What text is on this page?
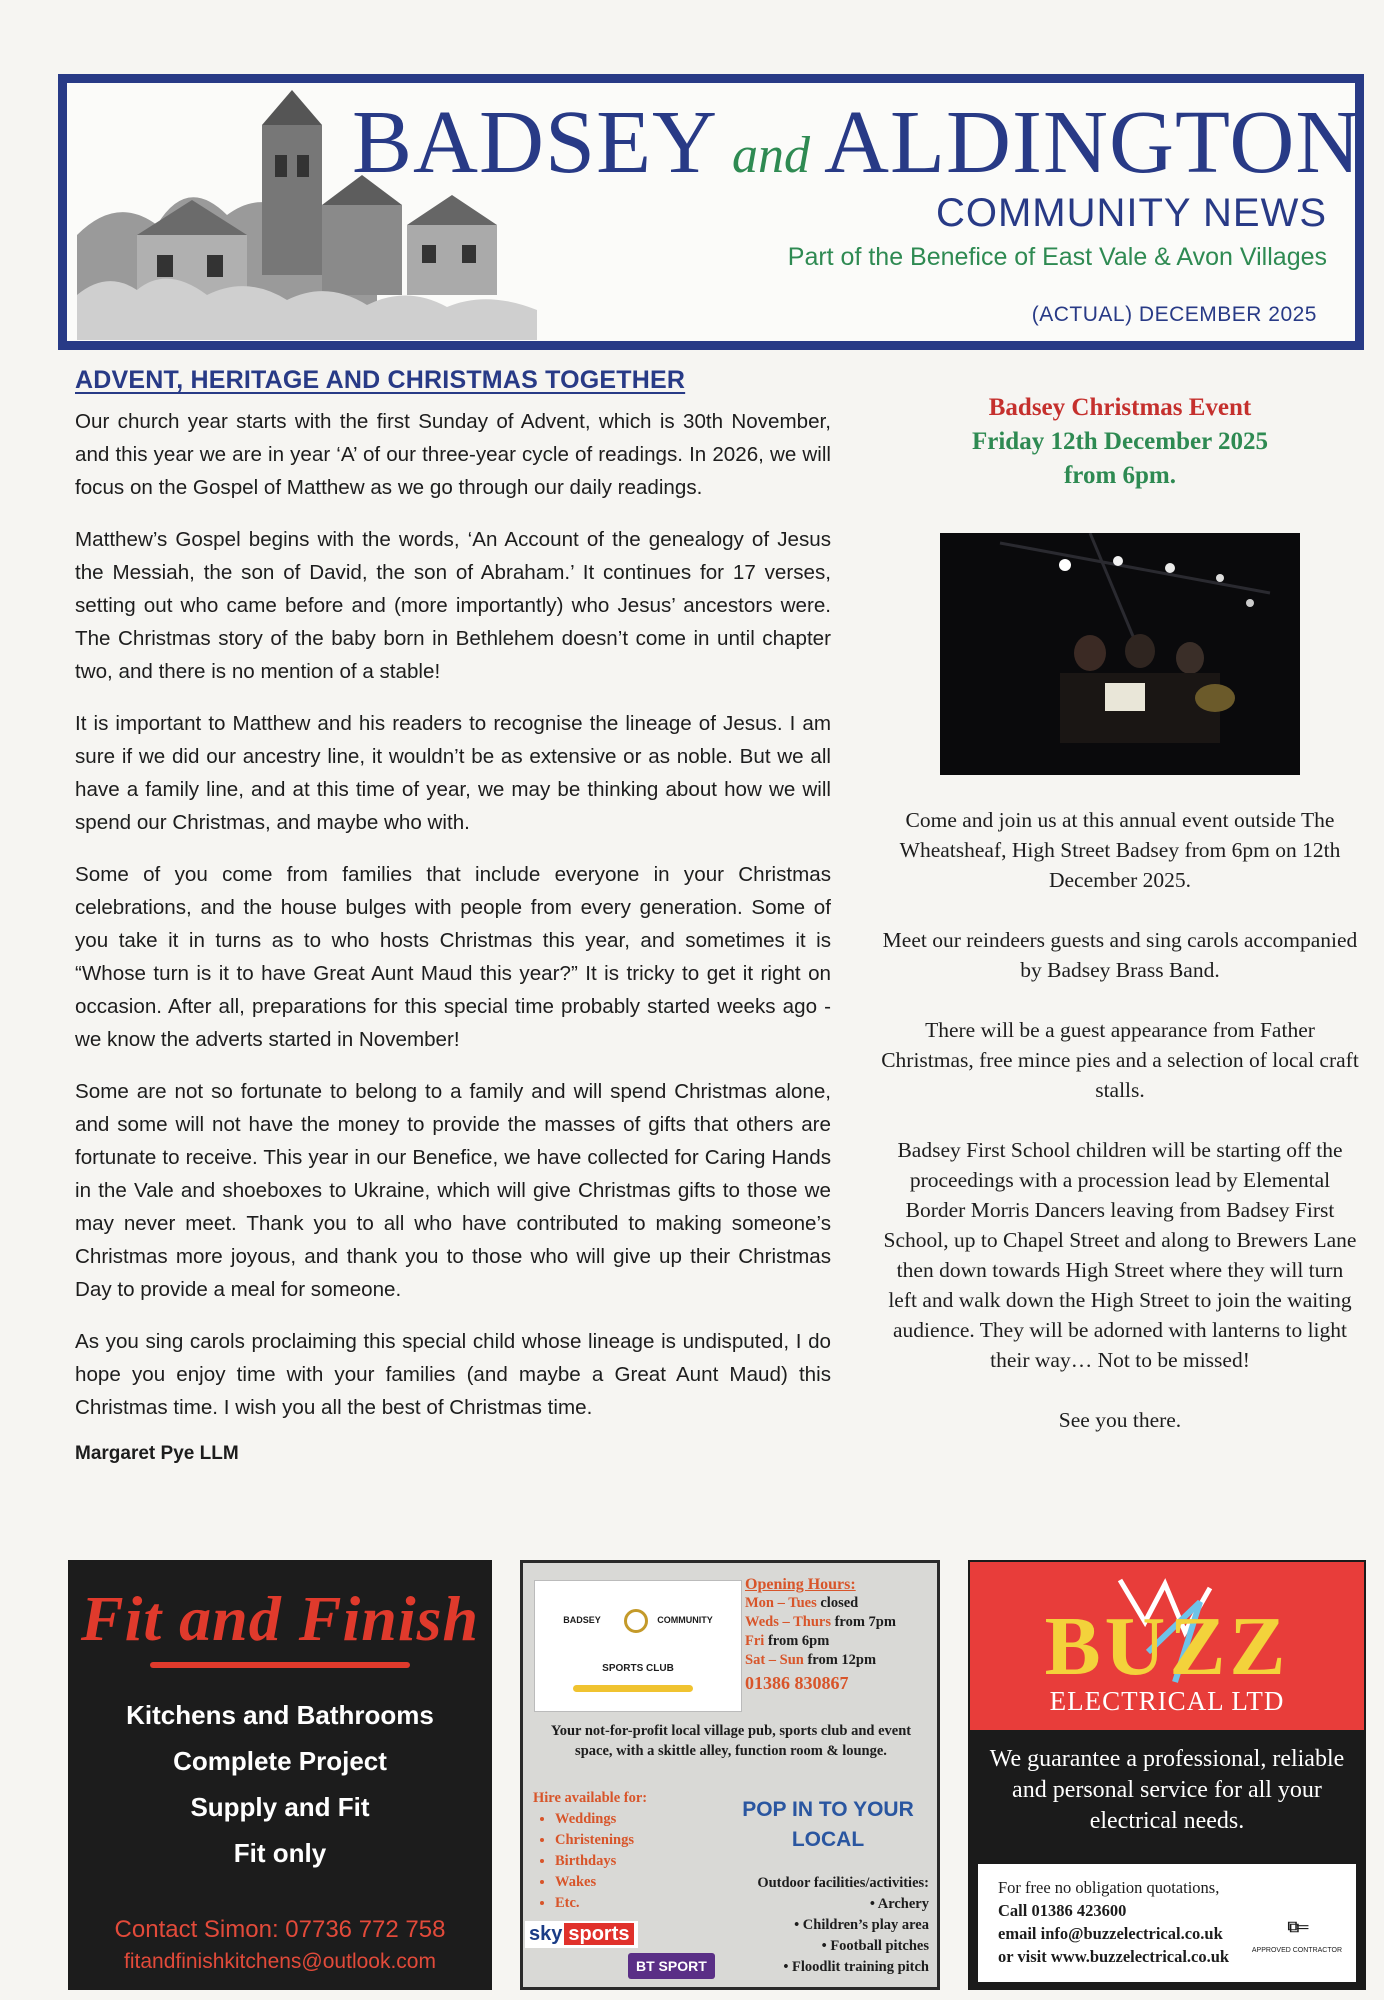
BADSEY and ALDINGTON
COMMUNITY NEWS
Part of the Benefice of East Vale & Avon Villages
(ACTUAL) DECEMBER 2025
ADVENT, HERITAGE AND CHRISTMAS TOGETHER

Our church year starts with the first Sunday of Advent, which is 30th November, and this year we are in year ‘A’ of our three-year cycle of readings. In 2026, we will focus on the Gospel of Matthew as we go through our daily readings.

Matthew’s Gospel begins with the words, ‘An Account of the genealogy of Jesus the Messiah, the son of David, the son of Abraham.’ It continues for 17 verses, setting out who came before and (more importantly) who Jesus’ ancestors were. The Christmas story of the baby born in Bethlehem doesn’t come in until chapter two, and there is no mention of a stable!

It is important to Matthew and his readers to recognise the lineage of Jesus. I am sure if we did our ancestry line, it wouldn’t be as extensive or as noble. But we all have a family line, and at this time of year, we may be thinking about how we will spend our Christmas, and maybe who with.

Some of you come from families that include everyone in your Christmas celebrations, and the house bulges with people from every generation. Some of you take it in turns as to who hosts Christmas this year, and sometimes it is “Whose turn is it to have Great Aunt Maud this year?” It is tricky to get it right on occasion. After all, preparations for this special time probably started weeks ago - we know the adverts started in November!

Some are not so fortunate to belong to a family and will spend Christmas alone, and some will not have the money to provide the masses of gifts that others are fortunate to receive. This year in our Benefice, we have collected for Caring Hands in the Vale and shoeboxes to Ukraine, which will give Christmas gifts to those we may never meet. Thank you to all who have contributed to making someone’s Christmas more joyous, and thank you to those who will give up their Christmas Day to provide a meal for someone.

As you sing carols proclaiming this special child whose lineage is undisputed, I do hope you enjoy time with your families (and maybe a Great Aunt Maud) this Christmas time. I wish you all the best of Christmas time.

Margaret Pye LLM
Badsey Christmas Event
Friday 12th December 2025
from 6pm.

Come and join us at this annual event outside The Wheatsheaf, High Street Badsey from 6pm on 12th December 2025.

Meet our reindeers guests and sing carols accompanied by Badsey Brass Band.

There will be a guest appearance from Father Christmas, free mince pies and a selection of local craft stalls.

Badsey First School children will be starting off the proceedings with a procession lead by Elemental Border Morris Dancers leaving from Badsey First School, up to Chapel Street and along to Brewers Lane then down towards High Street where they will turn left and walk down the High Street to join the waiting audience. They will be adorned with lanterns to light their way… Not to be missed!

See you there.

Fit and Finish
Kitchens and Bathrooms
Complete Project
Supply and Fit
Fit only
Contact Simon: 07736 772 758
fitandfinishkitchens@outlook.com
BADSEY	COMMUNITY
SPORTS CLUB
Opening Hours:
Mon – Tues closed
Weds – Thurs from 7pm
Fri from 6pm
Sat – Sun from 12pm
01386 830867
Your not-for-profit local village pub, sports club and event space, with a skittle alley, function room & lounge.
Hire available for:
• Weddings
• Christenings
• Birthdays
• Wakes
• Etc.
POP IN TO YOUR LOCAL
Outdoor facilities/activities:
• Archery
• Children’s play area
• Football pitches
• Floodlit training pitch
sky sports
BT SPORT
BUZZ
ELECTRICAL LTD
We guarantee a professional, reliable and personal service for all your electrical needs.
For free no obligation quotations,
Call 01386 423600
email info@buzzelectrical.co.uk
or visit www.buzzelectrical.co.uk
⧉═
APPROVED CONTRACTOR
